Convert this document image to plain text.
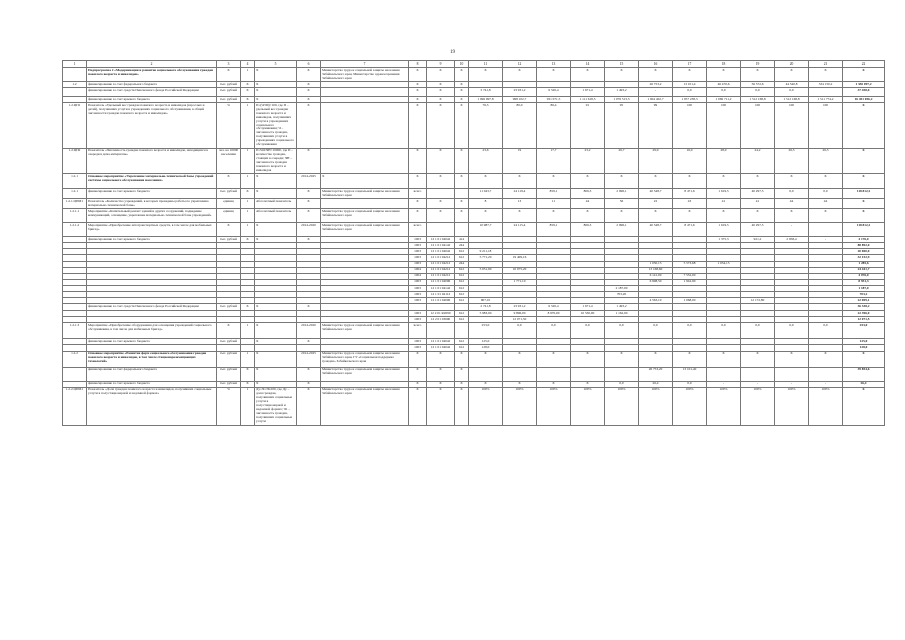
19
1	2	3	4	5	6	7	8	9	10	11	12	13	14	15	16	17	18	19	20	21	22
	Подпрограмма 2 «Модернизация и развитие социального обслуживания граждан пожилого возраста и инвалидов»	X	1	X	X	Министерство труда и социальной защиты населения Забайкальского края, Министерство здравоохранения Забайкальского края	X	X	X	X	X	X	X	X	X	X	X	X	X	X	X
1.2	финансирование за счет федерального бюджета	тыс. рублей	X	X	X		X	X	X						26 753,2	13 101,4	46 470,6	56 372,6	44 340,8	334 150,2	1 350 097,2
	финансирование за счет средств Пенсионного фонда Российской Федерации	тыс. рублей	X	X	X		X	X	X	3 741,8	23 931,2	6 520,4	1 671,4	1 493,2	-	0,0	0,0	0,0	0,0		37 458,0
	финансирование за счет краевого бюджета	тыс. рублей	X	X	X		X	X	X	1 096 997,8	998 102,7	931 071,5	1 111 618,5	1 076 513,5	1 004 402,7	1 057 238,3	1 069 711,2	1 512 168,8	1 512 168,8	1 511 774,2	16 451 056,2
1.2.ЦП1	Показатель «Удельный вес граждан пожилого возраста и инвалидов (взрослых и детей), получивших услуги в учреждениях социального обслуживания, в общей численности граждан пожилого возраста и инвалидов»	%	1	П=(Ч/Ч0)×100, где П – удельный вес граждан пожилого возраста и инвалидов, получивших услуги в учреждениях социального обслуживания; Ч – численность граждан, получивших услуги в учреждениях социального обслуживания	X		X	X	X	76,3	80,0	86,4	91	95	99	100	100	100	100	100	X
1.2.ЦП2	Показатель «Численность граждан пожилого возраста и инвалидов, находящихся в очереди в дома-интернаты»	чел. на 10000 населения	1	П=ЧО/ЧН×10000, где П – количество граждан, стоящих в очереди; ЧН – численность граждан пожилого возраста и инвалидов	X		X	X	X	23,6	19	17,7	23,2	26,7	29,9	16,0	28,0	24,2	26,3	26,3	X
1.2.1	Основное мероприятие «Укрепление материально-технической базы учреждений системы социального обслуживания населения»	X	1	X	2014-2025	X	X	X	X	X	X	X	X	X	X	X	X	X	X	X	X
1.2.1	финансирование за счет краевого бюджета	тыс. рублей	X	X	X	Министерство труда и социальной защиты населения Забайкальского края	всего			11 043,7	24 119,4	859,1	806,3	2 996,1	40 348,7	8 471,6	1 619,5	40 297,5	0,0	0,0	118 812,2
1.2.1.ЦПМ1	Показатель «Количество учреждений, в которых проведены работы по укреплению материально-технической базы»	единиц	1	Абсолютный показатель	X		X	X	X	8	13	11	44	56	22	43	41	41	44	44	X
1.2.1.1	Мероприятие «Капитальный ремонт зданий и других сооружений, подведение коммуникаций, оснащение, укрепление материально-технической базы учреждений»	единиц	1	Абсолютный показатель	X	Министерство труда и социальной защиты населения Забайкальского края	X	X	X	X	X	X	X	X	X	X	X	X	X	X	X
1.2.1.2	Мероприятие «Приобретение автотранспортных средств, в том числе для мобильных бригад»	X	1	X	2014-2020	Министерство труда и социальной защиты населения Забайкальского края	всего			10 987,7	24 115,4	859,1	806,3	2 996,1	40 348,7	8 471,6	1 619,5	40 297,5	-		118 812,2
	финансирование за счет краевого бюджета	тыс. рублей	X	X	X		1003	12 1 01 04042	414								1 375,3	921,2	2 958,4	-	4 176,0
							1003	12 1 01 04142	244												88 892,0
							1003	12 1 01 04042	612	9 211,18											20 000,0
							1003	12 1 01 04212	612	5 771,20	19 409,16										32 152,9
							1003	12 1 01 04212	244						1 050,15	5 573,68	1 034,13				1 285,6
							1004	12 1 01 04212	612	5 051,90	10 075,20				13 168,60						24 441,7
							1004	12 1 01 04212	612						6 141,00	7 552,00					4 076,0
							1003	12 1 01 04006	612		1 771,10				6 998,50	1 942,90					8 931,3
							1003	12 1 01 04142	612					2 187,00							1 187,0
							1003	12 1 01 04112	612					703,20							703,2
							1003	12 1 01 04006	612	907,10					4 563,10	1 068,00		12 172,80			22 699,1
	финансирование за счет средств Пенсионного фонда Российской Федерации	тыс. рублей	X	X	X					2 741,8	23 931,2	6 520,4	1 671,4	1 493,2							36 338,2
							1003	12 2 01 R2090	612	5 983,00	9 896,00	8 970,00	10 530,00	1 162,00							22 396,0
							1003	12 2 01 03690	612		12 071,50										12 071,5
1.2.1.3	Мероприятие «Приобретение оборудования для оснащения учреждений социального обслуживания, в том числе для мобильных бригад»	X	1	X	2014-2020	Министерство труда и социальной защиты населения Забайкальского края	всего			253,0	0,0	0,0	0,0	0,0	0,0	0,0	0,0	0,0	0,0	0,0	253,0
	финансирование за счет краевого бюджета	тыс. рублей		X	X		1003	12 1 01 04042	612	125,0											125,0
							1003	12 1 01 04042	612	128,0											128,0
1.2.2	Основное мероприятие «Развитие форм социального обслуживания граждан пожилого возраста и инвалидов, в том числе стационарозамещающих технологий»	тыс. рублей	1	X	2014-2025	Министерство труда и социальной защиты населения Забайкальского края, ГУ «Социальная поддержка граждан» Забайкальского края	X	X	X	X	X	X	X	X	X	X	X	X	X	X	X
	финансирование за счет федерального бюджета	тыс. рублей	X	X	X	Министерство труда и социальной защиты населения Забайкальского края	X	X	X						26 753,20	13 101,40					39 854,6
	финансирование за счет краевого бюджета	тыс. рублей	X	X	X		X	X	X	X	X	X	X	0,0	26,4	0,0	-	-	-	-	26,4
1.2.2.ЦПМ1	Показатель «Доля граждан пожилого возраста и инвалидов, получивших социальные услуги в полустационарной и надомной формах»	%	1	Ду=Ч1/Чх100, где Ду – доля граждан, получивших социальные услуги в полустационарной и надомной формах; Ч1 – численность граждан, получивших социальные услуги	X	Министерство труда и социальной защиты населения Забайкальского края	X	X	X	100%	100%	100%	100%	100%	100%	100%	100%	100%	100%	100%	X
